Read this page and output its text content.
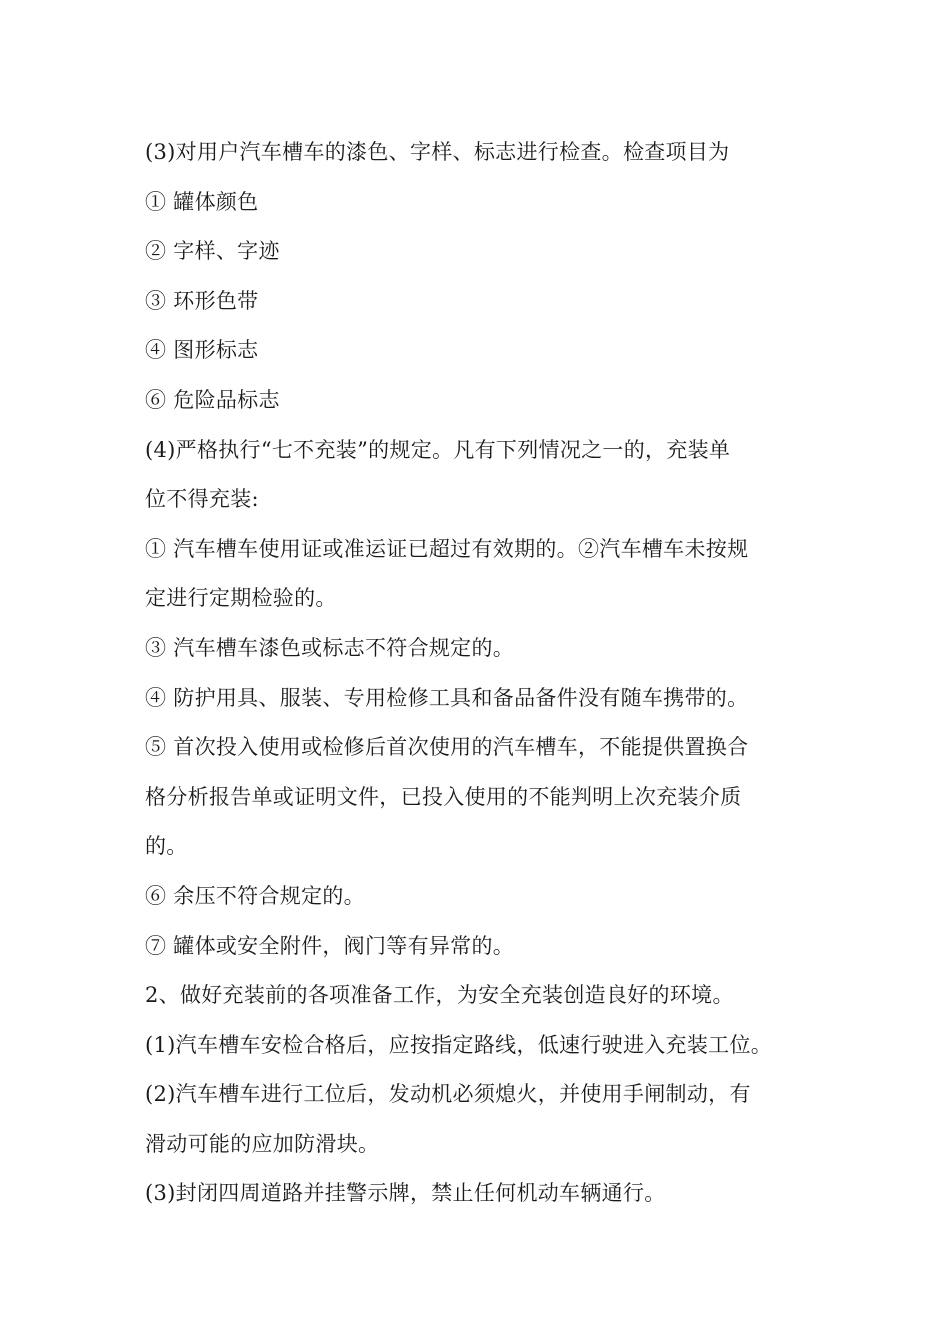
(3)对用户汽车槽车的漆色、字样、标志进行检查。检查项目为
① 罐体颜色
② 字样、字迹
③ 环形色带
④ 图形标志
⑥ 危险品标志
(4)严格执行“七不充装”的规定。凡有下列情况之一的，充装单
位不得充装:
① 汽车槽车使用证或准运证已超过有效期的。②汽车槽车未按规
定进行定期检验的。
③ 汽车槽车漆色或标志不符合规定的。
④ 防护用具、服装、专用检修工具和备品备件没有随车携带的。
⑤ 首次投入使用或检修后首次使用的汽车槽车，不能提供置换合
格分析报告单或证明文件，已投入使用的不能判明上次充装介质
的。
⑥ 余压不符合规定的。
⑦ 罐体或安全附件，阀门等有异常的。
2、做好充装前的各项准备工作，为安全充装创造良好的环境。
(1)汽车槽车安检合格后，应按指定路线，低速行驶进入充装工位。
(2)汽车槽车进行工位后，发动机必须熄火，并使用手闸制动，有
滑动可能的应加防滑块。
(3)封闭四周道路并挂警示牌，禁止任何机动车辆通行。
